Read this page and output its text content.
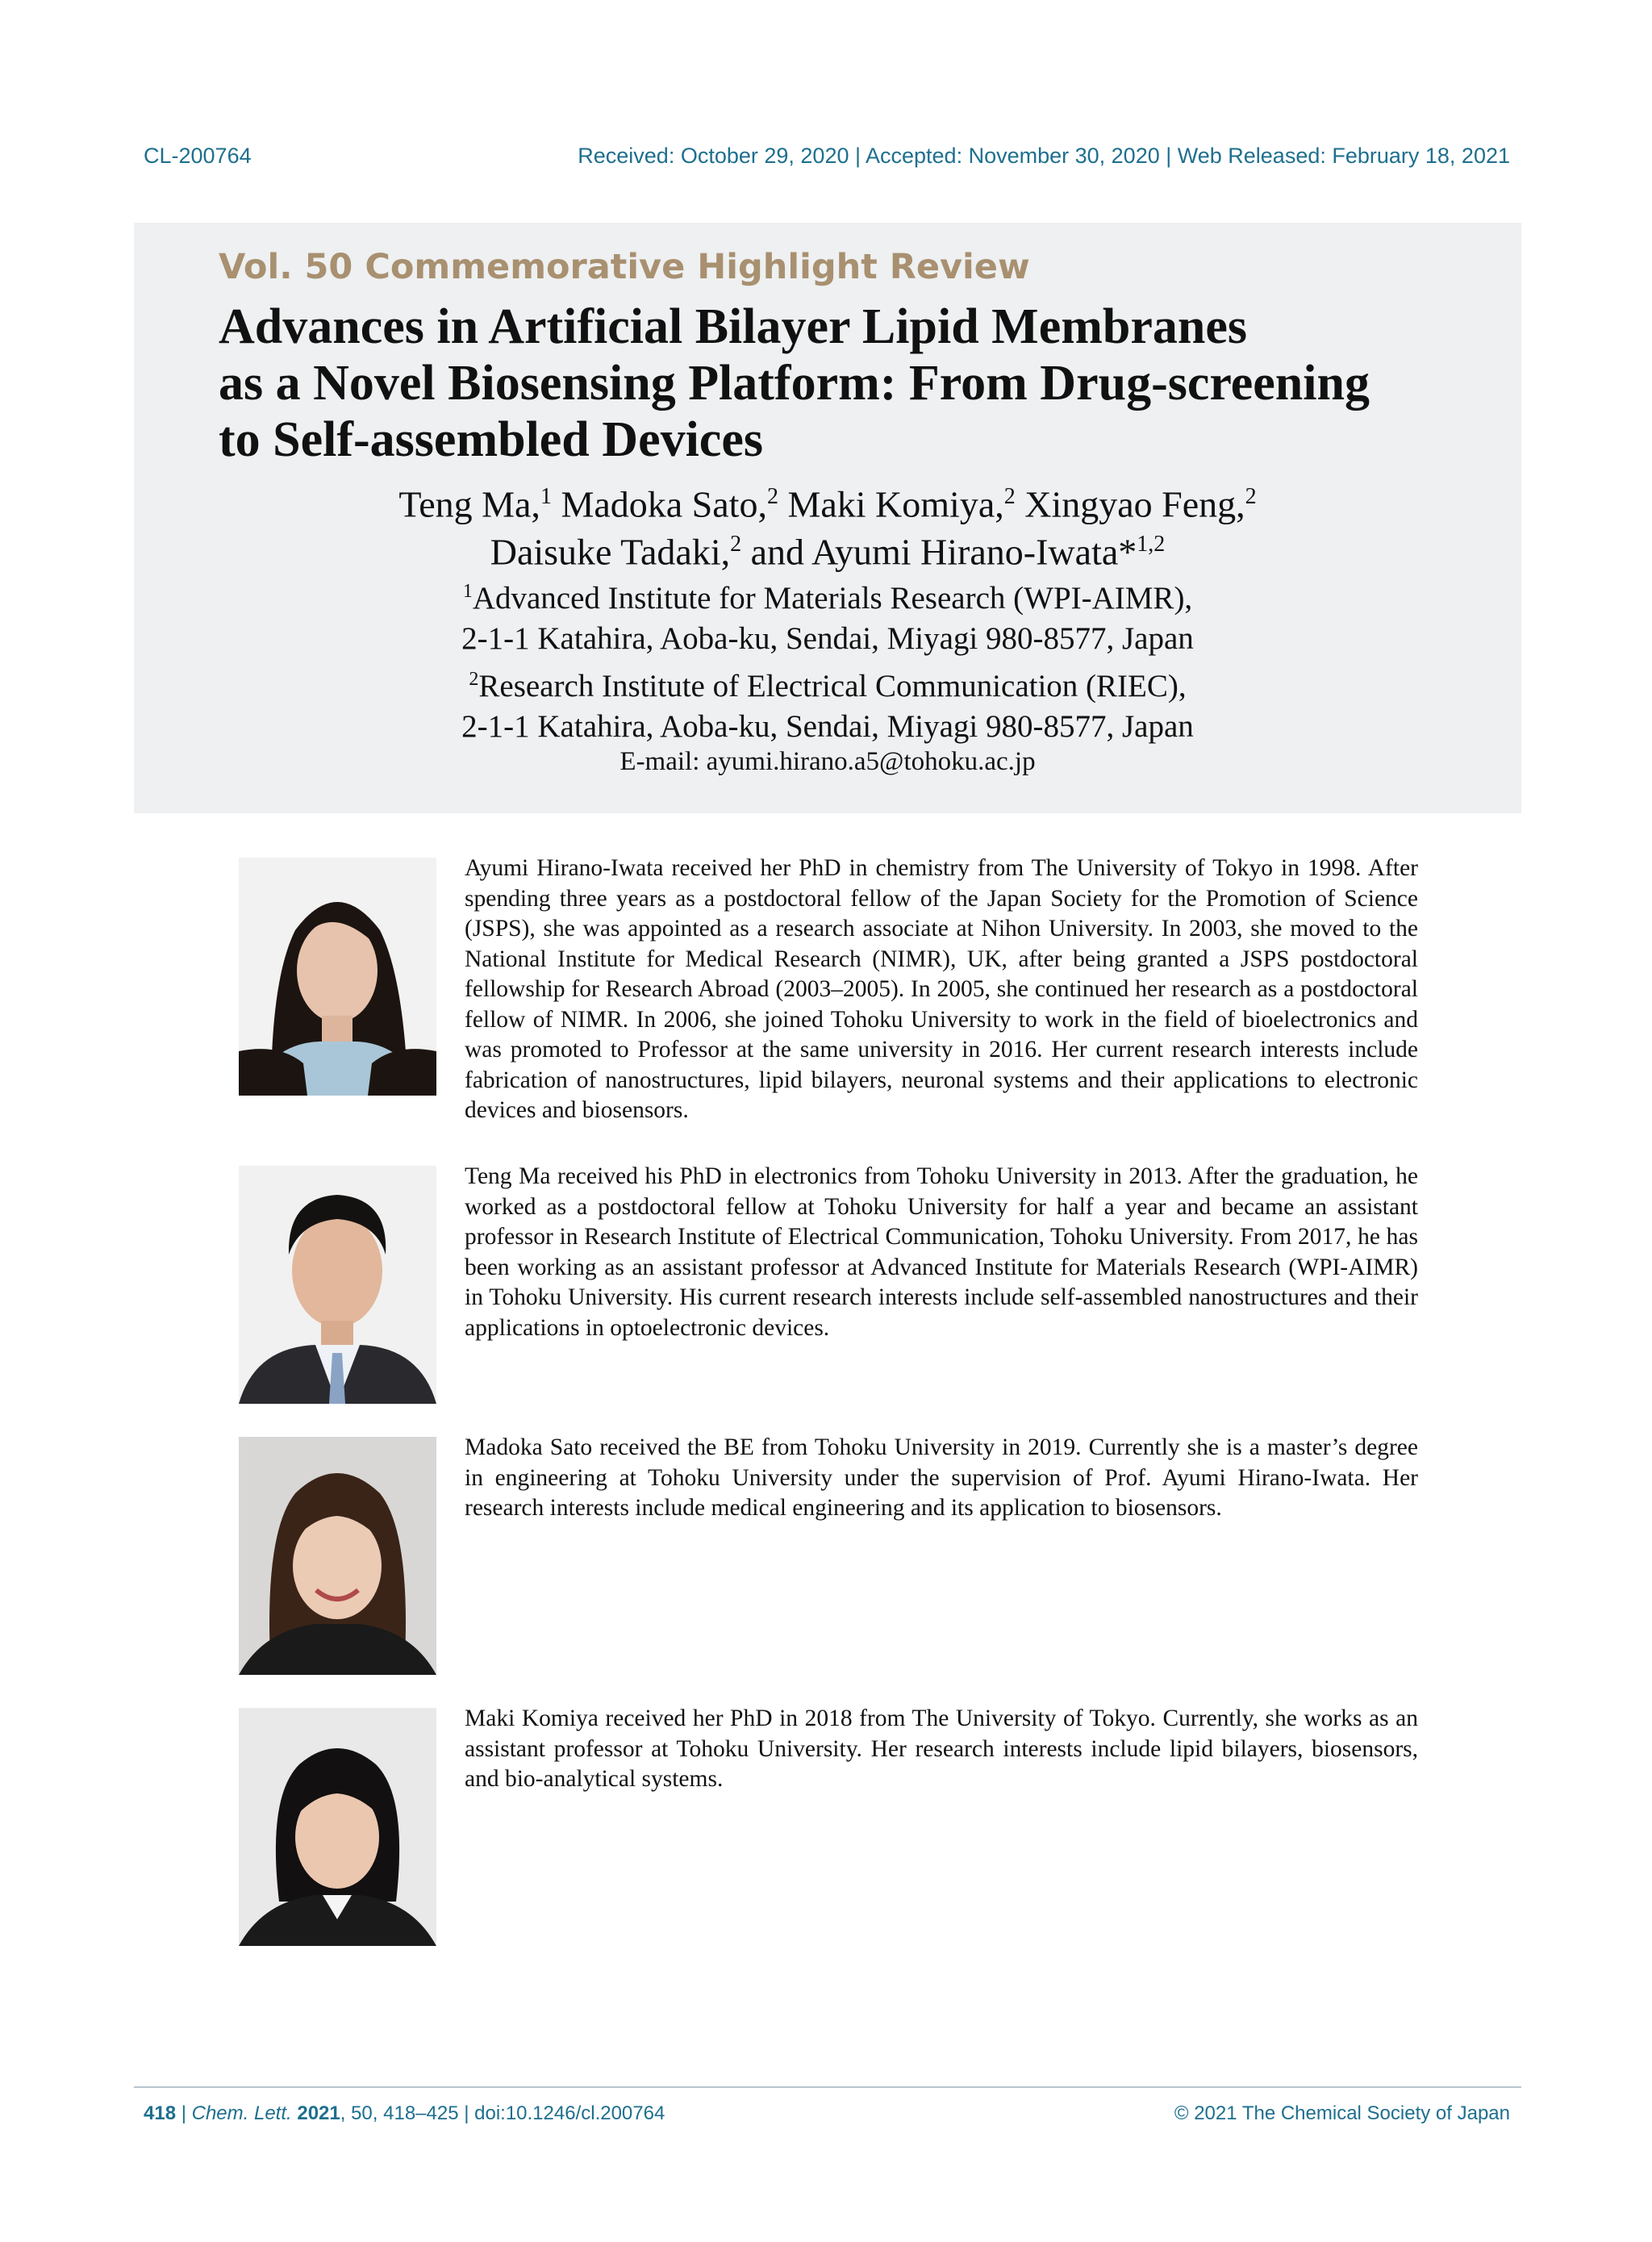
CL-200764	Received: October 29, 2020 | Accepted: November 30, 2020 | Web Released: February 18, 2021
Vol. 50 Commemorative Highlight Review
Advances in Artificial Bilayer Lipid Membranes
as a Novel Biosensing Platform: From Drug-screening
to Self-assembled Devices
Teng Ma,$^1$ Madoka Sato,$^2$ Maki Komiya,$^2$ Xingyao Feng,$^2$
Daisuke Tadaki,$^2$ and Ayumi Hirano-Iwata*$^{1,2}$
$^1$Advanced Institute for Materials Research (WPI-AIMR),
2-1-1 Katahira, Aoba-ku, Sendai, Miyagi 980-8577, Japan
$^2$Research Institute of Electrical Communication (RIEC),
2-1-1 Katahira, Aoba-ku, Sendai, Miyagi 980-8577, Japan
E-mail: ayumi.hirano.a5@tohoku.ac.jp
Ayumi Hirano-Iwata received her PhD in chemistry from The University of Tokyo in 1998. After spending three years as a postdoctoral fellow of the Japan Society for the Promotion of Science (JSPS), she was appointed as a research associate at Nihon University. In 2003, she moved to the National Institute for Medical Research (NIMR), UK, after being granted a JSPS postdoctoral fellowship for Research Abroad (2003–2005). In 2005, she continued her research as a postdoctoral fellow of NIMR. In 2006, she joined Tohoku University to work in the field of bioelectronics and was promoted to Professor at the same university in 2016. Her current research interests include fabrication of nanostructures, lipid bilayers, neuronal systems and their applications to electronic devices and biosensors.
Teng Ma received his PhD in electronics from Tohoku University in 2013. After the graduation, he worked as a postdoctoral fellow at Tohoku University for half a year and became an assistant professor in Research Institute of Electrical Communication, Tohoku University. From 2017, he has been working as an assistant professor at Advanced Institute for Materials Research (WPI-AIMR) in Tohoku University. His current research interests include self-assembled nanostructures and their applications in optoelectronic devices.
Madoka Sato received the BE from Tohoku University in 2019. Currently she is a master’s degree in engineering at Tohoku University under the supervision of Prof. Ayumi Hirano-Iwata. Her research interests include medical engineering and its application to biosensors.
Maki Komiya received her PhD in 2018 from The University of Tokyo. Currently, she works as an assistant professor at Tohoku University. Her research interests include lipid bilayers, biosensors, and bio-analytical systems.
418 | Chem. Lett. 2021, 50, 418–425 | doi:10.1246/cl.200764	© 2021 The Chemical Society of Japan
